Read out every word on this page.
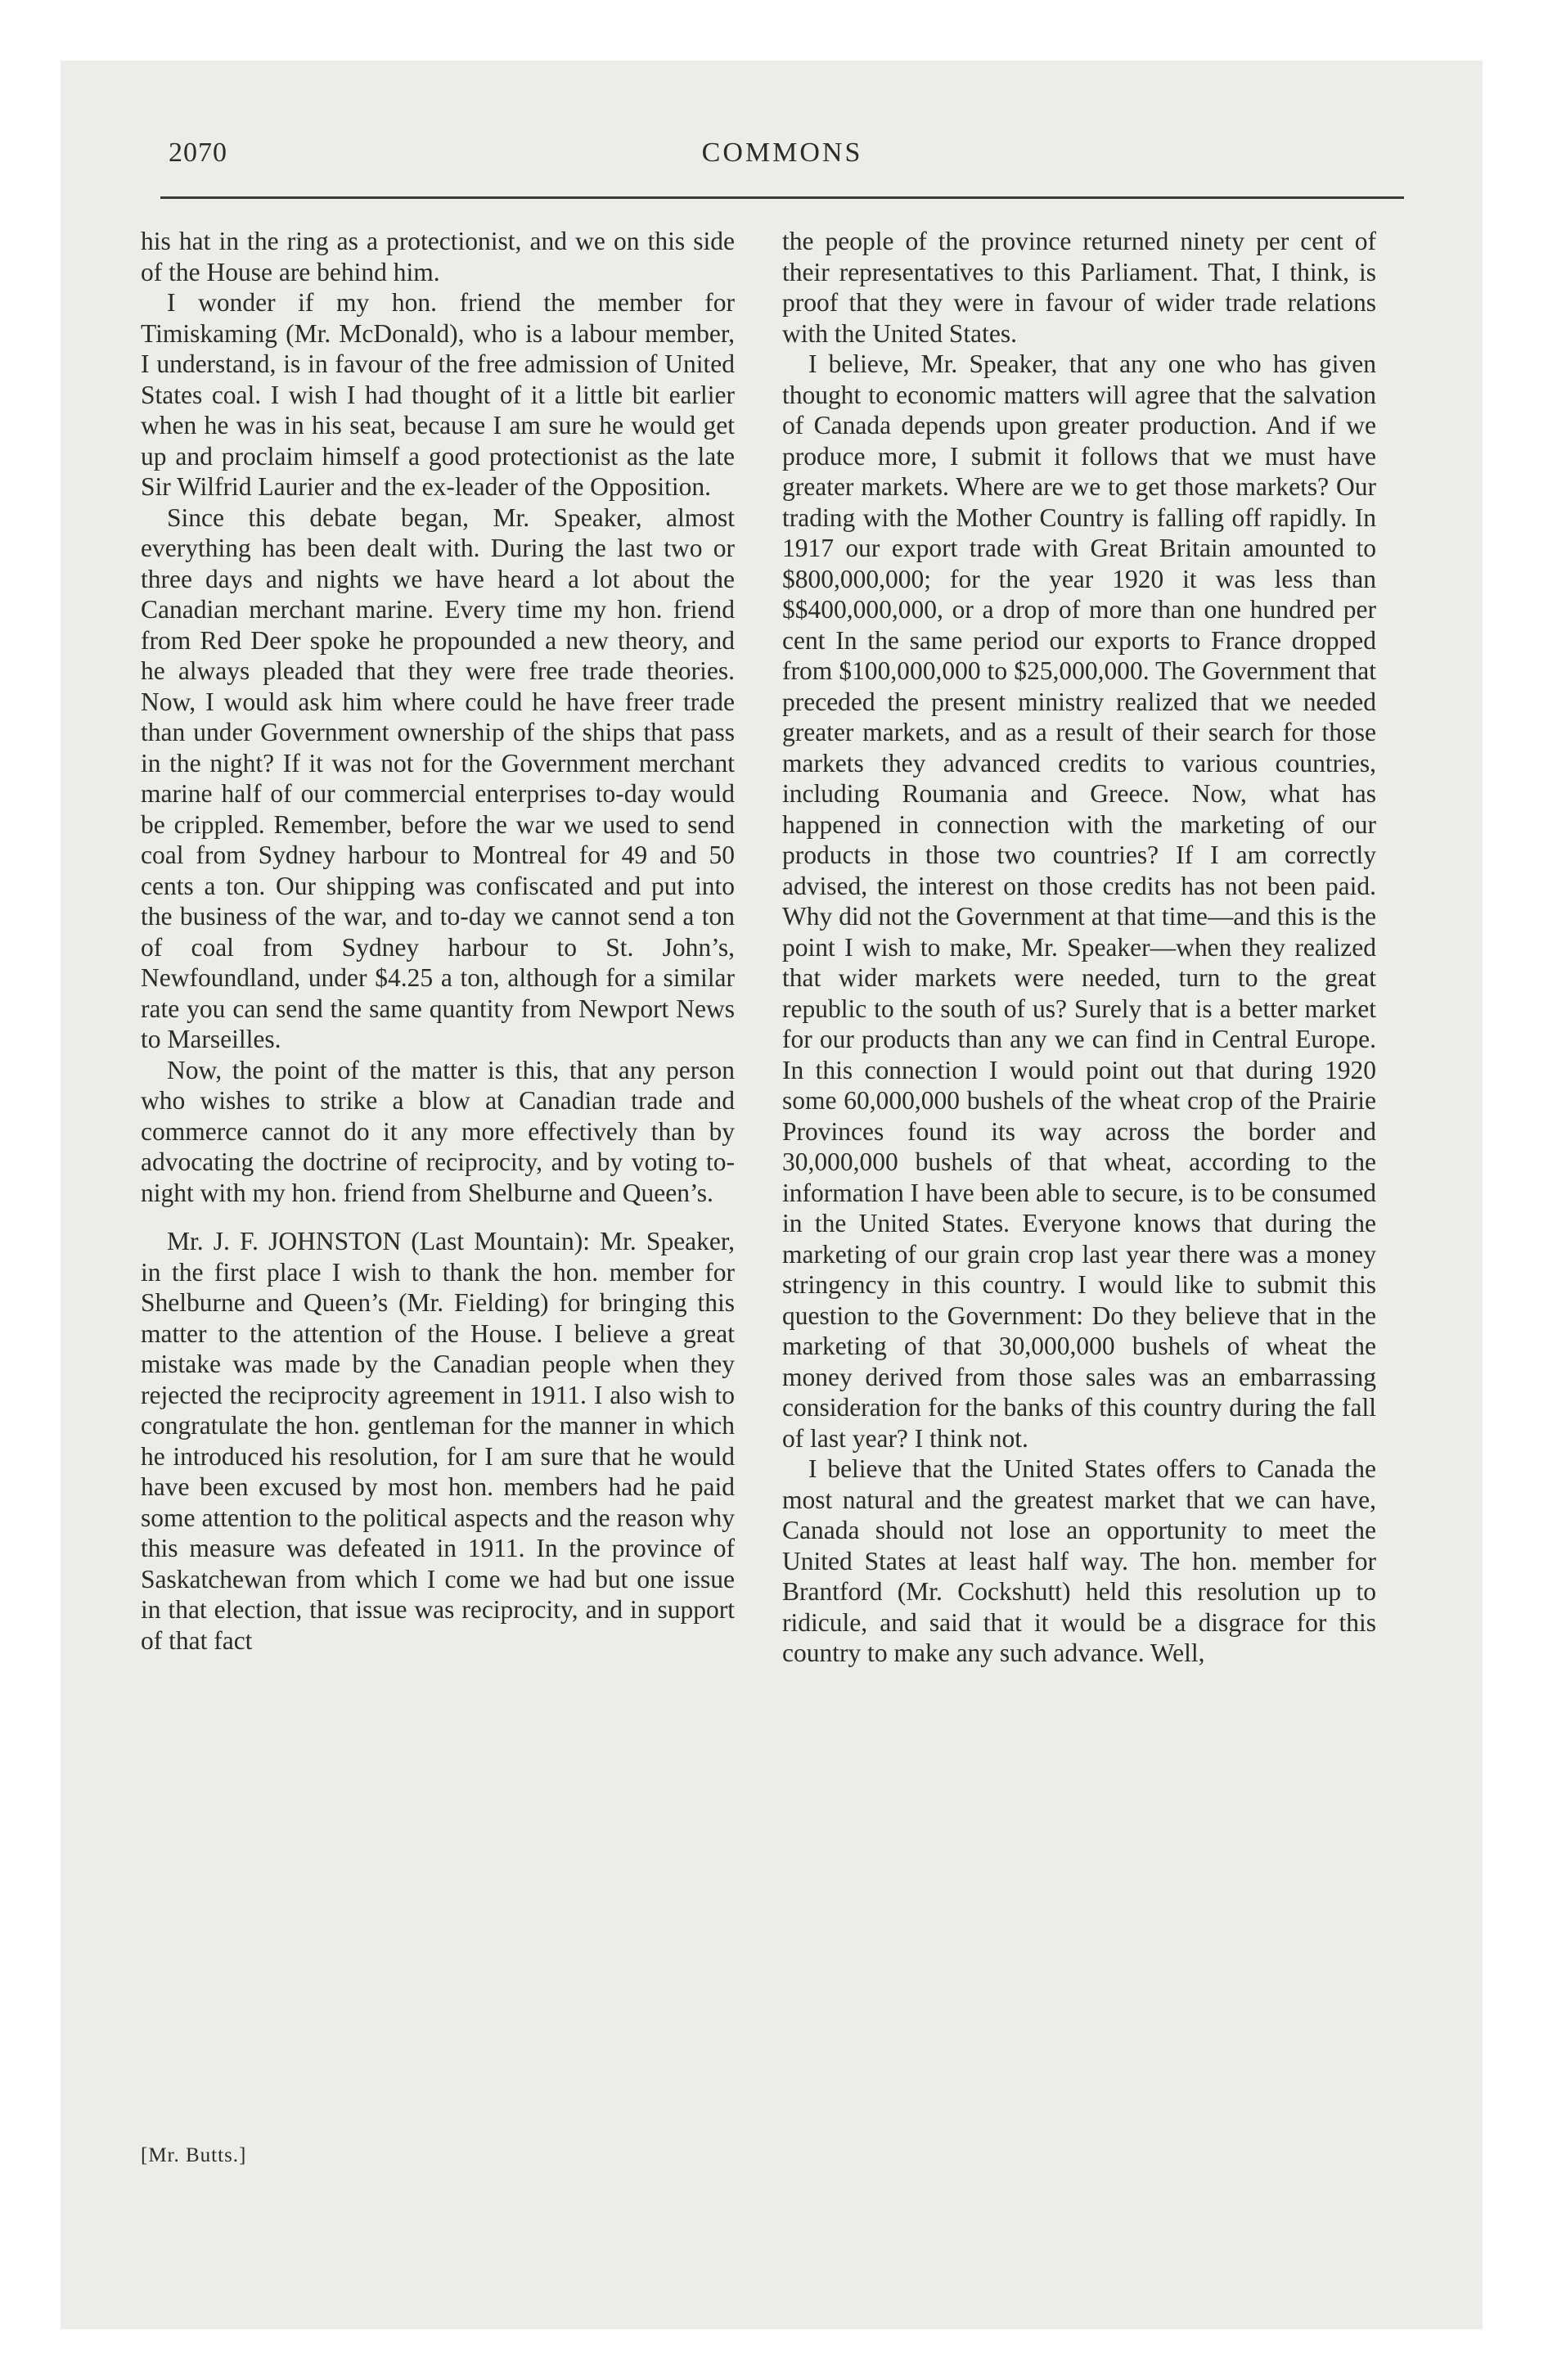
2070	COMMONS

his hat in the ring as a protectionist, and we on this side of the House are behind him.

I wonder if my hon. friend the member for Timiskaming (Mr. McDonald), who is a labour member, I understand, is in favour of the free admission of United States coal. I wish I had thought of it a little bit earlier when he was in his seat, because I am sure he would get up and proclaim himself a good protectionist as the late Sir Wilfrid Laurier and the ex-leader of the Opposition.

Since this debate began, Mr. Speaker, almost everything has been dealt with. During the last two or three days and nights we have heard a lot about the Canadian merchant marine. Every time my hon. friend from Red Deer spoke he propounded a new theory, and he always pleaded that they were free trade theories. Now, I would ask him where could he have freer trade than under Government ownership of the ships that pass in the night? If it was not for the Government merchant marine half of our commercial enterprises to-day would be crippled. Remember, before the war we used to send coal from Sydney harbour to Montreal for 49 and 50 cents a ton. Our shipping was confiscated and put into the business of the war, and to-day we cannot send a ton of coal from Sydney harbour to St. John’s, Newfoundland, under $4.25 a ton, although for a similar rate you can send the same quantity from Newport News to Marseilles.

Now, the point of the matter is this, that any person who wishes to strike a blow at Canadian trade and commerce cannot do it any more effectively than by advocating the doctrine of reciprocity, and by voting to-night with my hon. friend from Shelburne and Queen’s.

Mr. J. F. JOHNSTON (Last Mountain): Mr. Speaker, in the first place I wish to thank the hon. member for Shelburne and Queen’s (Mr. Fielding) for bringing this matter to the attention of the House. I believe a great mistake was made by the Canadian people when they rejected the reciprocity agreement in 1911. I also wish to congratulate the hon. gentleman for the manner in which he introduced his resolution, for I am sure that he would have been excused by most hon. members had he paid some attention to the political aspects and the reason why this measure was defeated in 1911. In the province of Saskatchewan from which I come we had but one issue in that election, that issue was reciprocity, and in support of that fact

the people of the province returned ninety per cent of their representatives to this Parliament. That, I think, is proof that they were in favour of wider trade relations with the United States.

I believe, Mr. Speaker, that any one who has given thought to economic matters will agree that the salvation of Canada depends upon greater production. And if we produce more, I submit it follows that we must have greater markets. Where are we to get those markets? Our trading with the Mother Country is falling off rapidly. In 1917 our export trade with Great Britain amounted to $800,000,000; for the year 1920 it was less than $$400,000,000, or a drop of more than one hundred per cent In the same period our exports to France dropped from $100,000,000 to $25,000,000. The Government that preceded the present ministry realized that we needed greater markets, and as a result of their search for those markets they advanced credits to various countries, including Roumania and Greece. Now, what has happened in connection with the marketing of our products in those two countries? If I am correctly advised, the interest on those credits has not been paid. Why did not the Government at that time—and this is the point I wish to make, Mr. Speaker—when they realized that wider markets were needed, turn to the great republic to the south of us? Surely that is a better market for our products than any we can find in Central Europe. In this connection I would point out that during 1920 some 60,000,000 bushels of the wheat crop of the Prairie Provinces found its way across the border and 30,000,000 bushels of that wheat, according to the information I have been able to secure, is to be consumed in the United States. Everyone knows that during the marketing of our grain crop last year there was a money stringency in this country. I would like to submit this question to the Government: Do they believe that in the marketing of that 30,000,000 bushels of wheat the money derived from those sales was an embarrassing consideration for the banks of this country during the fall of last year? I think not.

I believe that the United States offers to Canada the most natural and the greatest market that we can have, Canada should not lose an opportunity to meet the United States at least half way. The hon. member for Brantford (Mr. Cockshutt) held this resolution up to ridicule, and said that it would be a disgrace for this country to make any such advance. Well,

[Mr. Butts.]
